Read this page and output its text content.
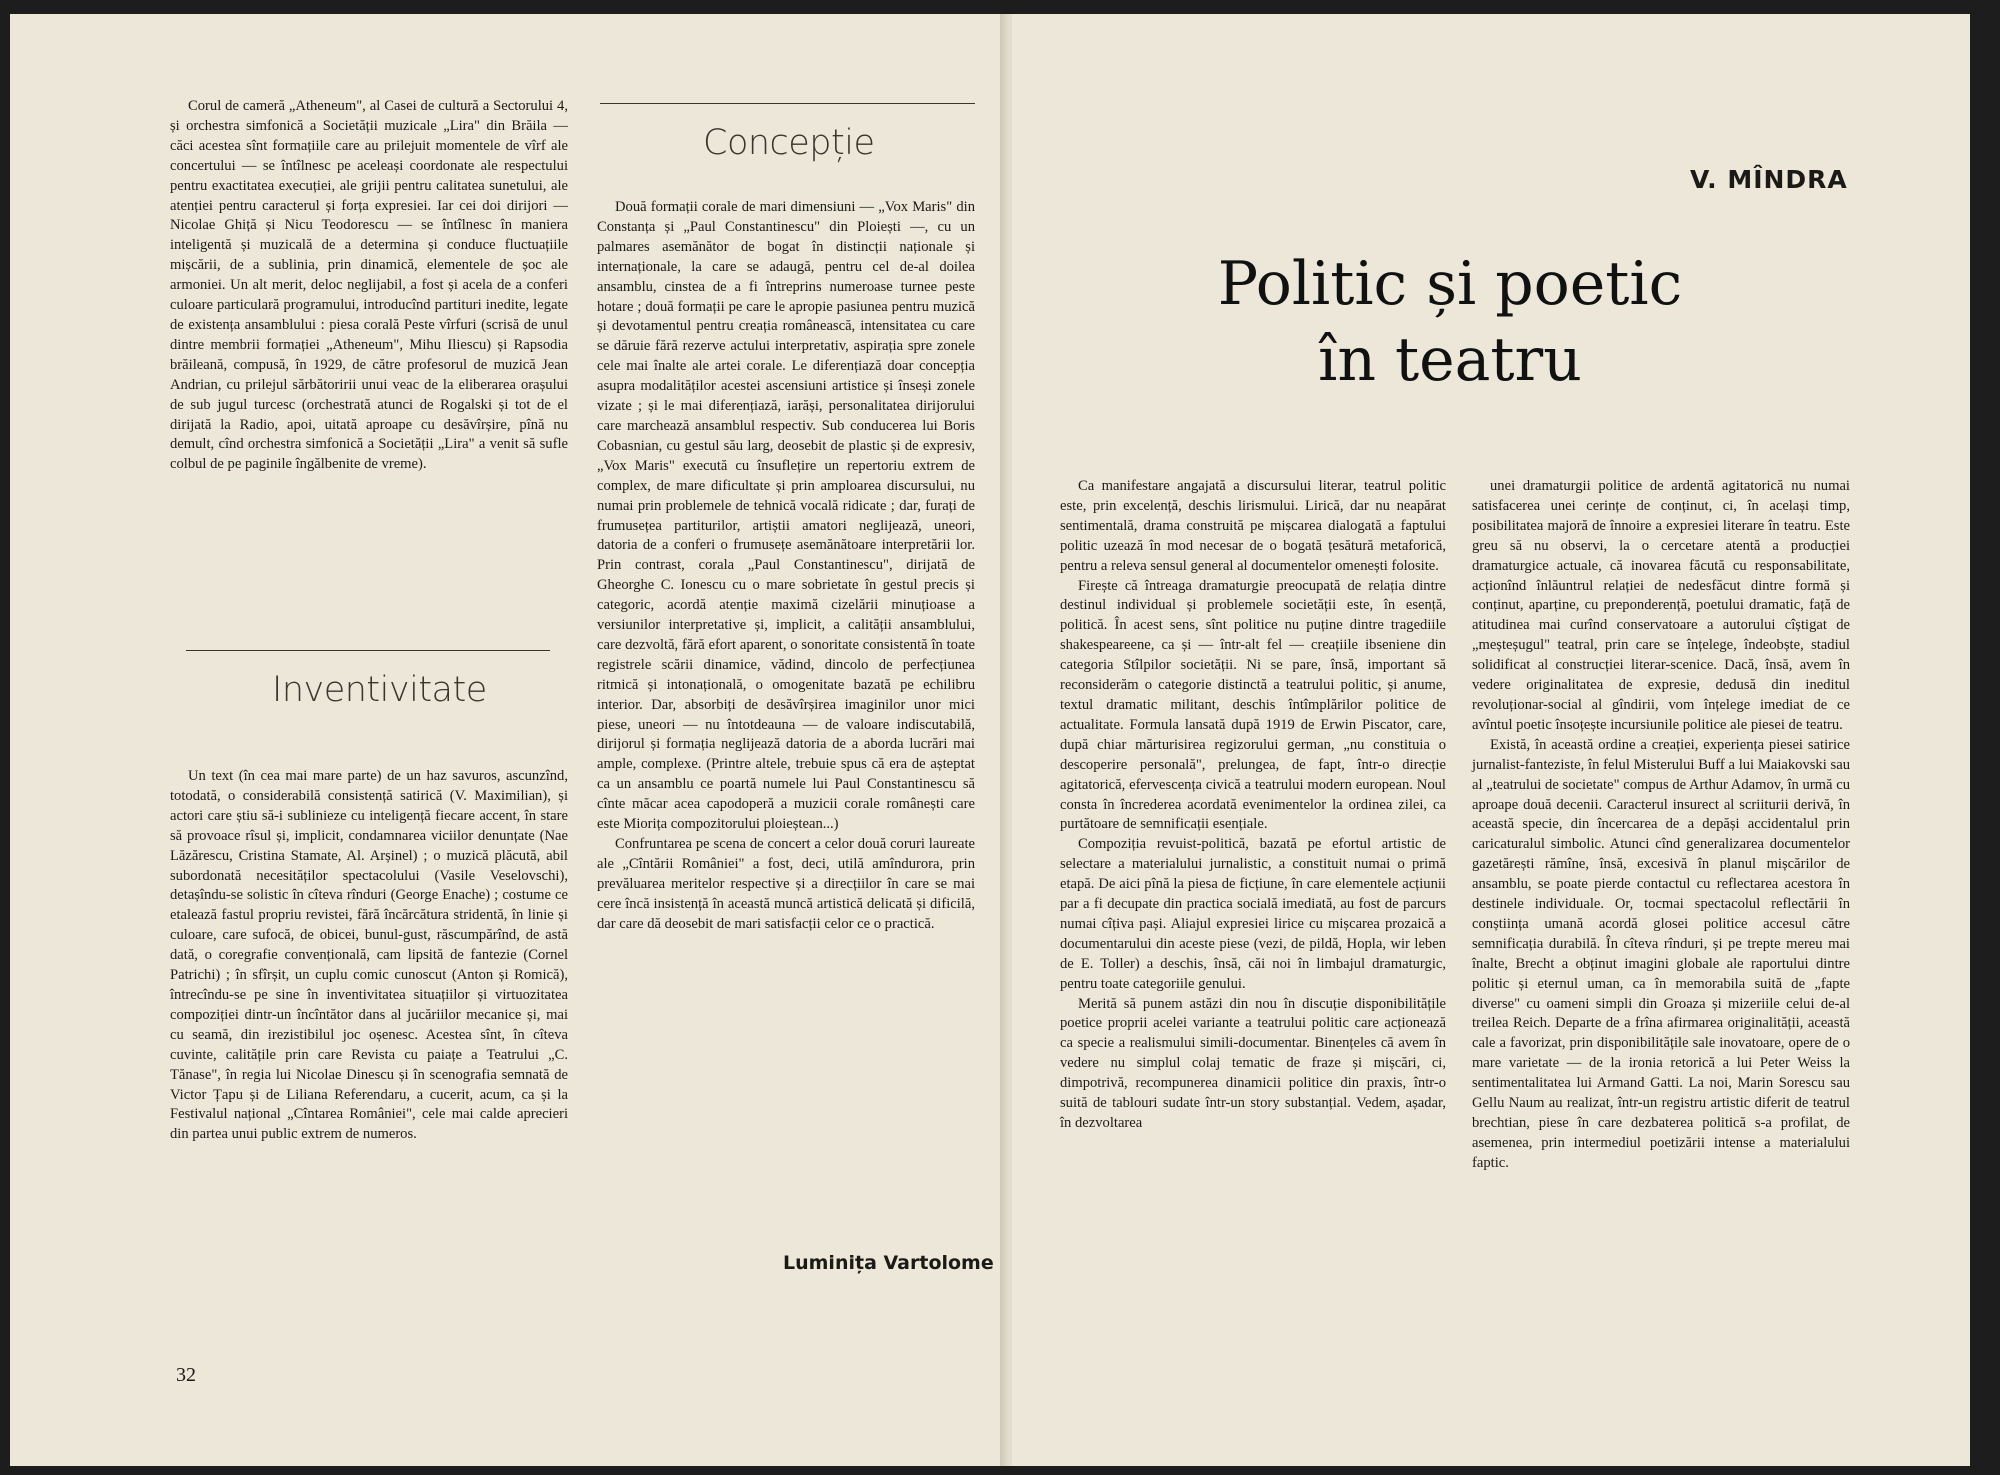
Corul de cameră „Atheneum", al Casei de cultură a Sectorului 4, și orchestra simfonică a Societății muzicale „Lira" din Brăila — căci acestea sînt formațiile care au prilejuit momentele de vîrf ale concertului — se întîlnesc pe aceleași coordonate ale respectului pentru exactitatea execuției, ale grijii pentru calitatea sunetului, ale atenției pentru caracterul și forța expresiei. Iar cei doi dirijori — Nicolae Ghiță și Nicu Teodorescu — se întîlnesc în maniera inteligentă și muzicală de a determina și conduce fluctuațiile mișcării, de a sublinia, prin dinamică, elementele de șoc ale armoniei. Un alt merit, deloc neglijabil, a fost și acela de a conferi culoare particulară programului, introducînd partituri inedite, legate de existența ansamblului : piesa corală Peste vîrfuri (scrisă de unul dintre membrii formației „Atheneum", Mihu Iliescu) și Rapsodia brăileană, compusă, în 1929, de către profesorul de muzică Jean Andrian, cu prilejul sărbătoririi unui veac de la eliberarea orașului de sub jugul turcesc (orchestrată atunci de Rogalski și tot de el dirijată la Radio, apoi, uitată aproape cu desăvîrșire, pînă nu demult, cînd orchestra simfonică a Societății „Lira" a venit să sufle colbul de pe paginile îngălbenite de vreme).

Inventivitate

Un text (în cea mai mare parte) de un haz savuros, ascunzînd, totodată, o considerabilă consistență satirică (V. Maximilian), și actori care știu să-i sublinieze cu inteligență fiecare accent, în stare să provoace rîsul și, implicit, condamnarea viciilor denunțate (Nae Lăzărescu, Cristina Stamate, Al. Arșinel) ; o muzică plăcută, abil subordonată necesităților spectacolului (Vasile Veselovschi), detașîndu-se solistic în cîteva rînduri (George Enache) ; costume ce etalează fastul propriu revistei, fără încărcătura stridentă, în linie și culoare, care sufocă, de obicei, bunul-gust, răscumpărînd, de astă dată, o coregrafie convențională, cam lipsită de fantezie (Cornel Patrichi) ; în sfîrșit, un cuplu comic cunoscut (Anton și Romică), întrecîndu-se pe sine în inventivitatea situațiilor și virtuozitatea compoziției dintr-un încîntător dans al jucăriilor mecanice și, mai cu seamă, din irezistibilul joc oșenesc. Acestea sînt, în cîteva cuvinte, calitățile prin care Revista cu paiațe a Teatrului „C. Tănase", în regia lui Nicolae Dinescu și în scenografia semnată de Victor Țapu și de Liliana Referendaru, a cucerit, acum, ca și la Festivalul național „Cîntarea României", cele mai calde aprecieri din partea unui public extrem de numeros.

Concepție

Două formații corale de mari dimensiuni — „Vox Maris" din Constanța și „Paul Constantinescu" din Ploiești —, cu un palmares asemănător de bogat în distincții naționale și internaționale, la care se adaugă, pentru cel de-al doilea ansamblu, cinstea de a fi întreprins numeroase turnee peste hotare ; două formații pe care le apropie pasiunea pentru muzică și devotamentul pentru creația românească, intensitatea cu care se dăruie fără rezerve actului interpretativ, aspirația spre zonele cele mai înalte ale artei corale. Le diferențiază doar concepția asupra modalităților acestei ascensiuni artistice și înseși zonele vizate ; și le mai diferențiază, iarăși, personalitatea dirijorului care marchează ansamblul respectiv. Sub conducerea lui Boris Cobasnian, cu gestul său larg, deosebit de plastic și de expresiv, „Vox Maris" execută cu însuflețire un repertoriu extrem de complex, de mare dificultate și prin amploarea discursului, nu numai prin problemele de tehnică vocală ridicate ; dar, furați de frumusețea partiturilor, artiștii amatori neglijează, uneori, datoria de a conferi o frumusețe asemănătoare interpretării lor. Prin contrast, corala „Paul Constantinescu", dirijată de Gheorghe C. Ionescu cu o mare sobrietate în gestul precis și categoric, acordă atenție maximă cizelării minuțioase a versiunilor interpretative și, implicit, a calității ansamblului, care dezvoltă, fără efort aparent, o sonoritate consistentă în toate registrele scării dinamice, vădind, dincolo de perfecțiunea ritmică și intonațională, o omogenitate bazată pe echilibru interior. Dar, absorbiți de desăvîrșirea imaginilor unor mici piese, uneori — nu întotdeauna — de valoare indiscutabilă, dirijorul și formația neglijează datoria de a aborda lucrări mai ample, complexe. (Printre altele, trebuie spus că era de așteptat ca un ansamblu ce poartă numele lui Paul Constantinescu să cînte măcar acea capodoperă a muzicii corale românești care este Miorița compozitorului ploieștean...)

Confruntarea pe scena de concert a celor două coruri laureate ale „Cîntării României" a fost, deci, utilă amîndurora, prin prevăluarea meritelor respective și a direcțiilor în care se mai cere încă insistență în această muncă artistică delicată și dificilă, dar care dă deosebit de mari satisfacții celor ce o practică.

Luminița Vartolome
32
V. MÎNDRA
Politic și poetic
în teatru

Ca manifestare angajată a discursului literar, teatrul politic este, prin excelență, deschis lirismului. Lirică, dar nu neapărat sentimentală, drama construită pe mișcarea dialogată a faptului politic uzează în mod necesar de o bogată țesătură metaforică, pentru a releva sensul general al documentelor omenești folosite.

Firește că întreaga dramaturgie preocupată de relația dintre destinul individual și problemele societății este, în esență, politică. În acest sens, sînt politice nu puține dintre tragediile shakespeareene, ca și — într-alt fel — creațiile ibseniene din categoria Stîlpilor societății. Ni se pare, însă, important să reconsiderăm o categorie distinctă a teatrului politic, și anume, textul dramatic militant, deschis întîmplărilor politice de actualitate. Formula lansată după 1919 de Erwin Piscator, care, după chiar mărturisirea regizorului german, „nu constituia o descoperire personală", prelungea, de fapt, într-o direcție agitatorică, efervescența civică a teatrului modern european. Noul consta în încrederea acordată evenimentelor la ordinea zilei, ca purtătoare de semnificații esențiale.

Compoziția revuist-politică, bazată pe efortul artistic de selectare a materialului jurnalistic, a constituit numai o primă etapă. De aici pînă la piesa de ficțiune, în care elementele acțiunii par a fi decupate din practica socială imediată, au fost de parcurs numai cîțiva pași. Aliajul expresiei lirice cu mișcarea prozaică a documentarului din aceste piese (vezi, de pildă, Hopla, wir leben de E. Toller) a deschis, însă, căi noi în limbajul dramaturgic, pentru toate categoriile genului.

Merită să punem astăzi din nou în discuție disponibilitățile poetice proprii acelei variante a teatrului politic care acționează ca specie a realismului simili-documentar. Binențeles că avem în vedere nu simplul colaj tematic de fraze și mișcări, ci, dimpotrivă, recompunerea dinamicii politice din praxis, într-o suită de tablouri sudate într-un story substanțial. Vedem, așadar, în dezvoltarea

unei dramaturgii politice de ardentă agitatorică nu numai satisfacerea unei cerințe de conținut, ci, în același timp, posibilitatea majoră de înnoire a expresiei literare în teatru. Este greu să nu observi, la o cercetare atentă a producției dramaturgice actuale, că inovarea făcută cu responsabilitate, acționînd înlăuntrul relației de nedesfăcut dintre formă și conținut, aparține, cu preponderență, poetului dramatic, față de atitudinea mai curînd conservatoare a autorului cîștigat de „meșteșugul" teatral, prin care se înțelege, îndeobște, stadiul solidificat al construcției literar-scenice. Dacă, însă, avem în vedere originalitatea de expresie, dedusă din ineditul revoluționar-social al gîndirii, vom înțelege imediat de ce avîntul poetic însoțește incursiunile politice ale piesei de teatru.

Există, în această ordine a creației, experiența piesei satirice jurnalist-fanteziste, în felul Misterului Buff a lui Maiakovski sau al „teatrului de societate" compus de Arthur Adamov, în urmă cu aproape două decenii. Caracterul insurect al scriiturii derivă, în această specie, din încercarea de a depăși accidentalul prin caricaturalul simbolic. Atunci cînd generalizarea documentelor gazetărești rămîne, însă, excesivă în planul mișcărilor de ansamblu, se poate pierde contactul cu reflectarea acestora în destinele individuale. Or, tocmai spectacolul reflectării în conștiința umană acordă glosei politice accesul către semnificația durabilă. În cîteva rînduri, și pe trepte mereu mai înalte, Brecht a obținut imagini globale ale raportului dintre politic și eternul uman, ca în memorabila suită de „fapte diverse" cu oameni simpli din Groaza și mizeriile celui de-al treilea Reich. Departe de a frîna afirmarea originalității, această cale a favorizat, prin disponibilitățile sale inovatoare, opere de o mare varietate — de la ironia retorică a lui Peter Weiss la sentimentalitatea lui Armand Gatti. La noi, Marin Sorescu sau Gellu Naum au realizat, într-un registru artistic diferit de teatrul brechtian, piese în care dezbaterea politică s-a profilat, de asemenea, prin intermediul poetizării intense a materialului faptic.
